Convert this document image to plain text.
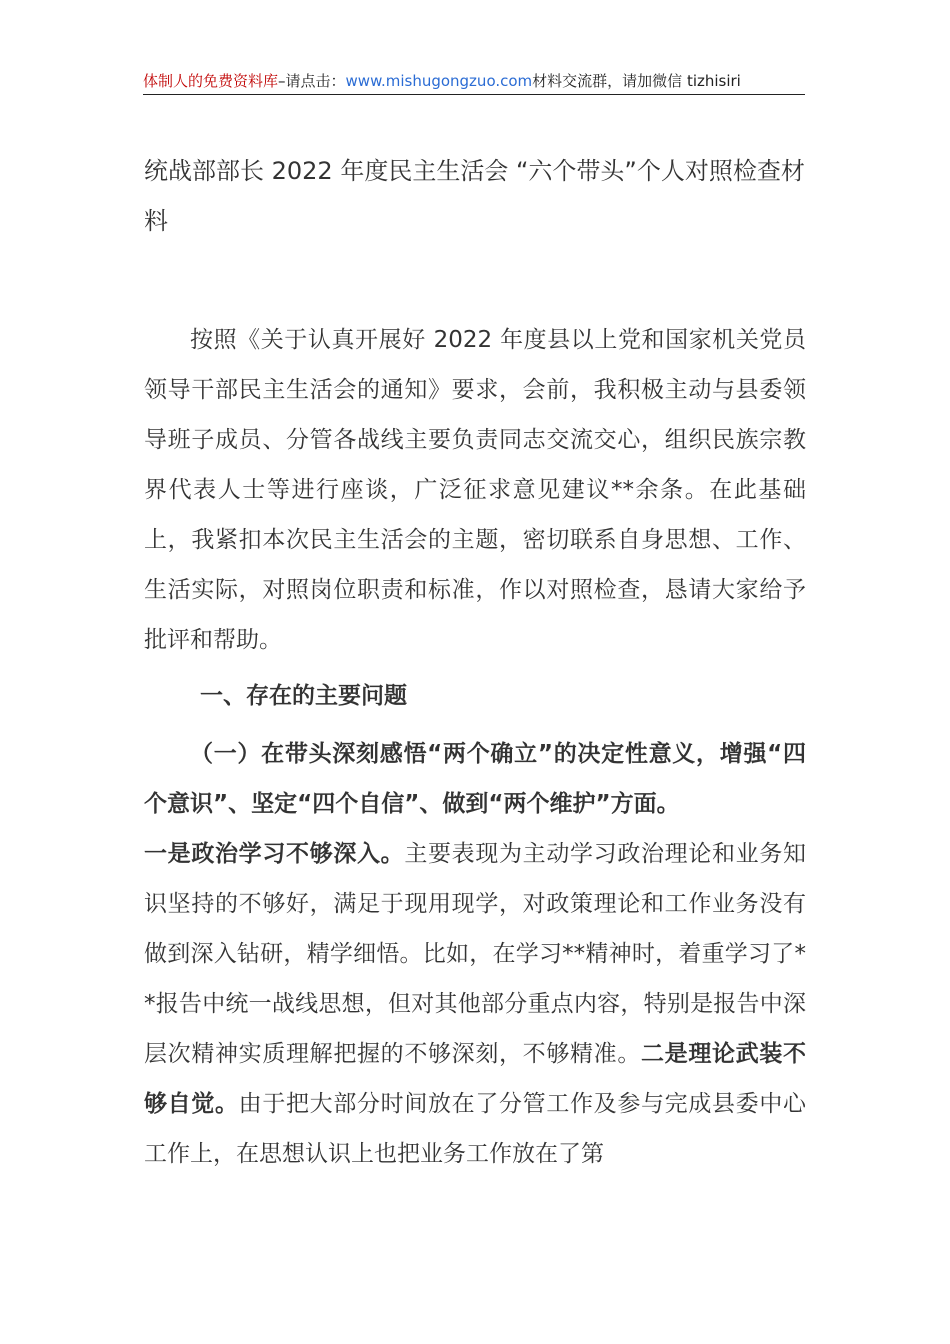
体制人的免费资料库–请点击：www.mishugongzuo.com材料交流群，请加微信 tizhisiri
统战部部长 2022 年度民主生活会 “六个带头”个人对照检查材料
按照《关于认真开展好 2022 年度县以上党和国家机关党员领导干部民主生活会的通知》要求，会前，我积极主动与县委领导班子成员、分管各战线主要负责同志交流交心，组织民族宗教界代表人士等进行座谈，广泛征求意见建议**余条。在此基础上，我紧扣本次民主生活会的主题，密切联系自身思想、工作、生活实际，对照岗位职责和标准，作以对照检查，恳请大家给予批评和帮助。
一、存在的主要问题
（一）在带头深刻感悟“两个确立”的决定性意义，增强“四个意识”、坚定“四个自信”、做到“两个维护”方面。
一是政治学习不够深入。主要表现为主动学习政治理论和业务知识坚持的不够好，满足于现用现学，对政策理论和工作业务没有做到深入钻研，精学细悟。比如，在学习**精神时，着重学习了**报告中统一战线思想，但对其他部分重点内容，特别是报告中深层次精神实质理解把握的不够深刻，不够精准。二是理论武装不够自觉。由于把大部分时间放在了分管工作及参与完成县委中心工作上，在思想认识上也把业务工作放在了第
